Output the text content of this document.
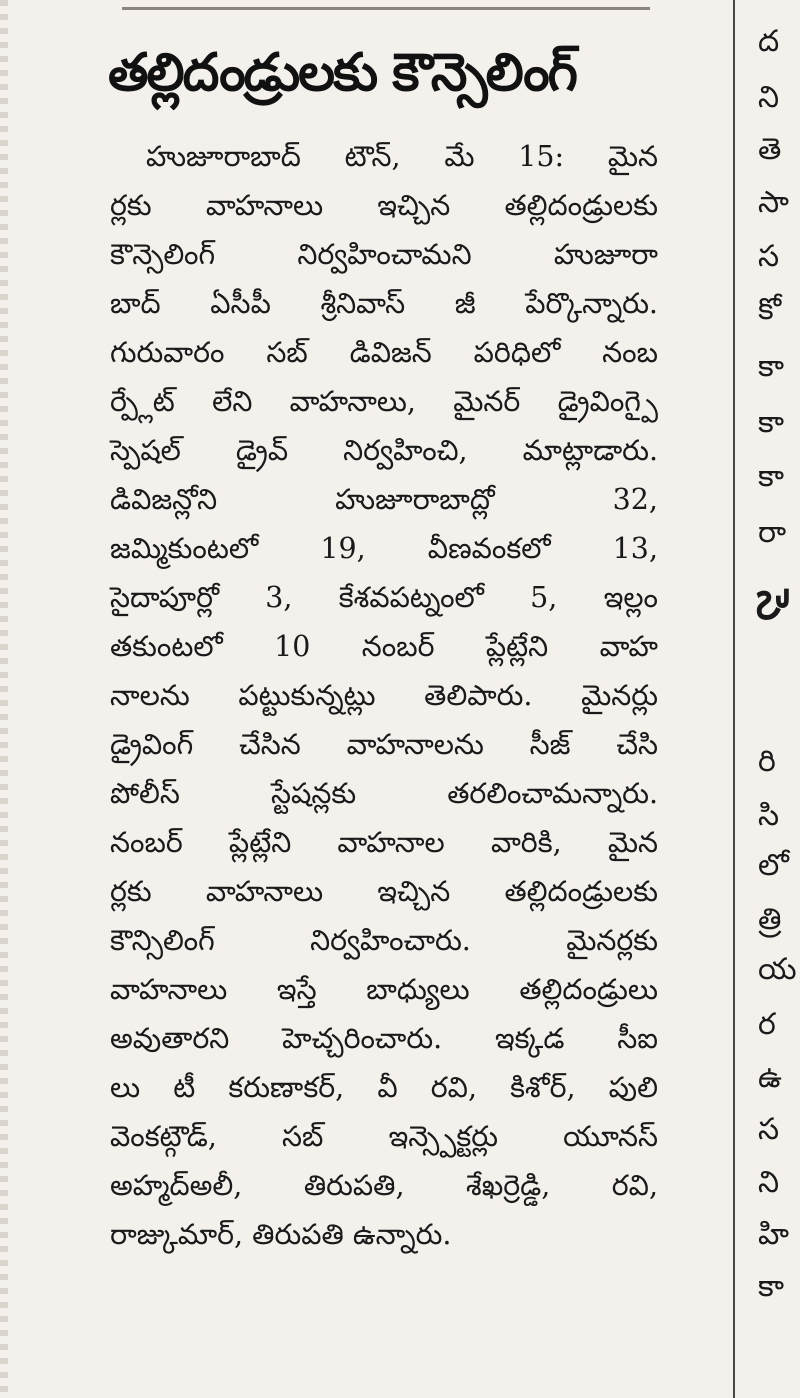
తల్లిదండ్రులకు కౌన్సెలింగ్
హుజూరాబాద్ టౌన్, మే 15: మైన
ర్లకు వాహనాలు ఇచ్చిన తల్లిదండ్రులకు
కౌన్సెలింగ్ నిర్వహించామని హుజూరా
బాద్ ఏసీపీ శ్రీనివాస్ జీ పేర్కొన్నారు.
గురువారం సబ్ డివిజన్ పరిధిలో నంబ
ర్ప్లేట్ లేని వాహనాలు, మైనర్ డ్రైవింగ్పై
స్పెషల్ డ్రైవ్ నిర్వహించి, మాట్లాడారు.
డివిజన్లోని హుజూరాబాద్లో 32,
జమ్మికుంటలో 19, వీణవంకలో 13,
సైదాపూర్లో 3, కేశవపట్నంలో 5, ఇల్లం
తకుంటలో 10 నంబర్ ప్లేట్లేని వాహ
నాలను పట్టుకున్నట్లు తెలిపారు. మైనర్లు
డ్రైవింగ్ చేసిన వాహనాలను సీజ్ చేసి
పోలీస్ స్టేషన్లకు తరలించామన్నారు.
నంబర్ ప్లేట్లేని వాహనాల వారికి, మైన
ర్లకు వాహనాలు ఇచ్చిన తల్లిదండ్రులకు
కౌన్సిలింగ్ నిర్వహించారు. మైనర్లకు
వాహనాలు ఇస్తే బాధ్యులు తల్లిదండ్రులు
అవుతారని హెచ్చరించారు. ఇక్కడ సీఐ
లు టీ కరుణాకర్, వీ రవి, కిశోర్, పులి
వెంకట్గౌడ్, సబ్ ఇన్స్పెక్టర్లు యూనస్
అహ్మద్అలీ, తిరుపతి, శేఖర్రెడ్డి, రవి,
రాజ్కుమార్, తిరుపతి ఉన్నారు.
ద
ని
తె
సా
స
కో
కా
కా
కా
రా
సె
రి
సి
లో
త్రి
య
ర
ఉ
స
ని
హి
కా
